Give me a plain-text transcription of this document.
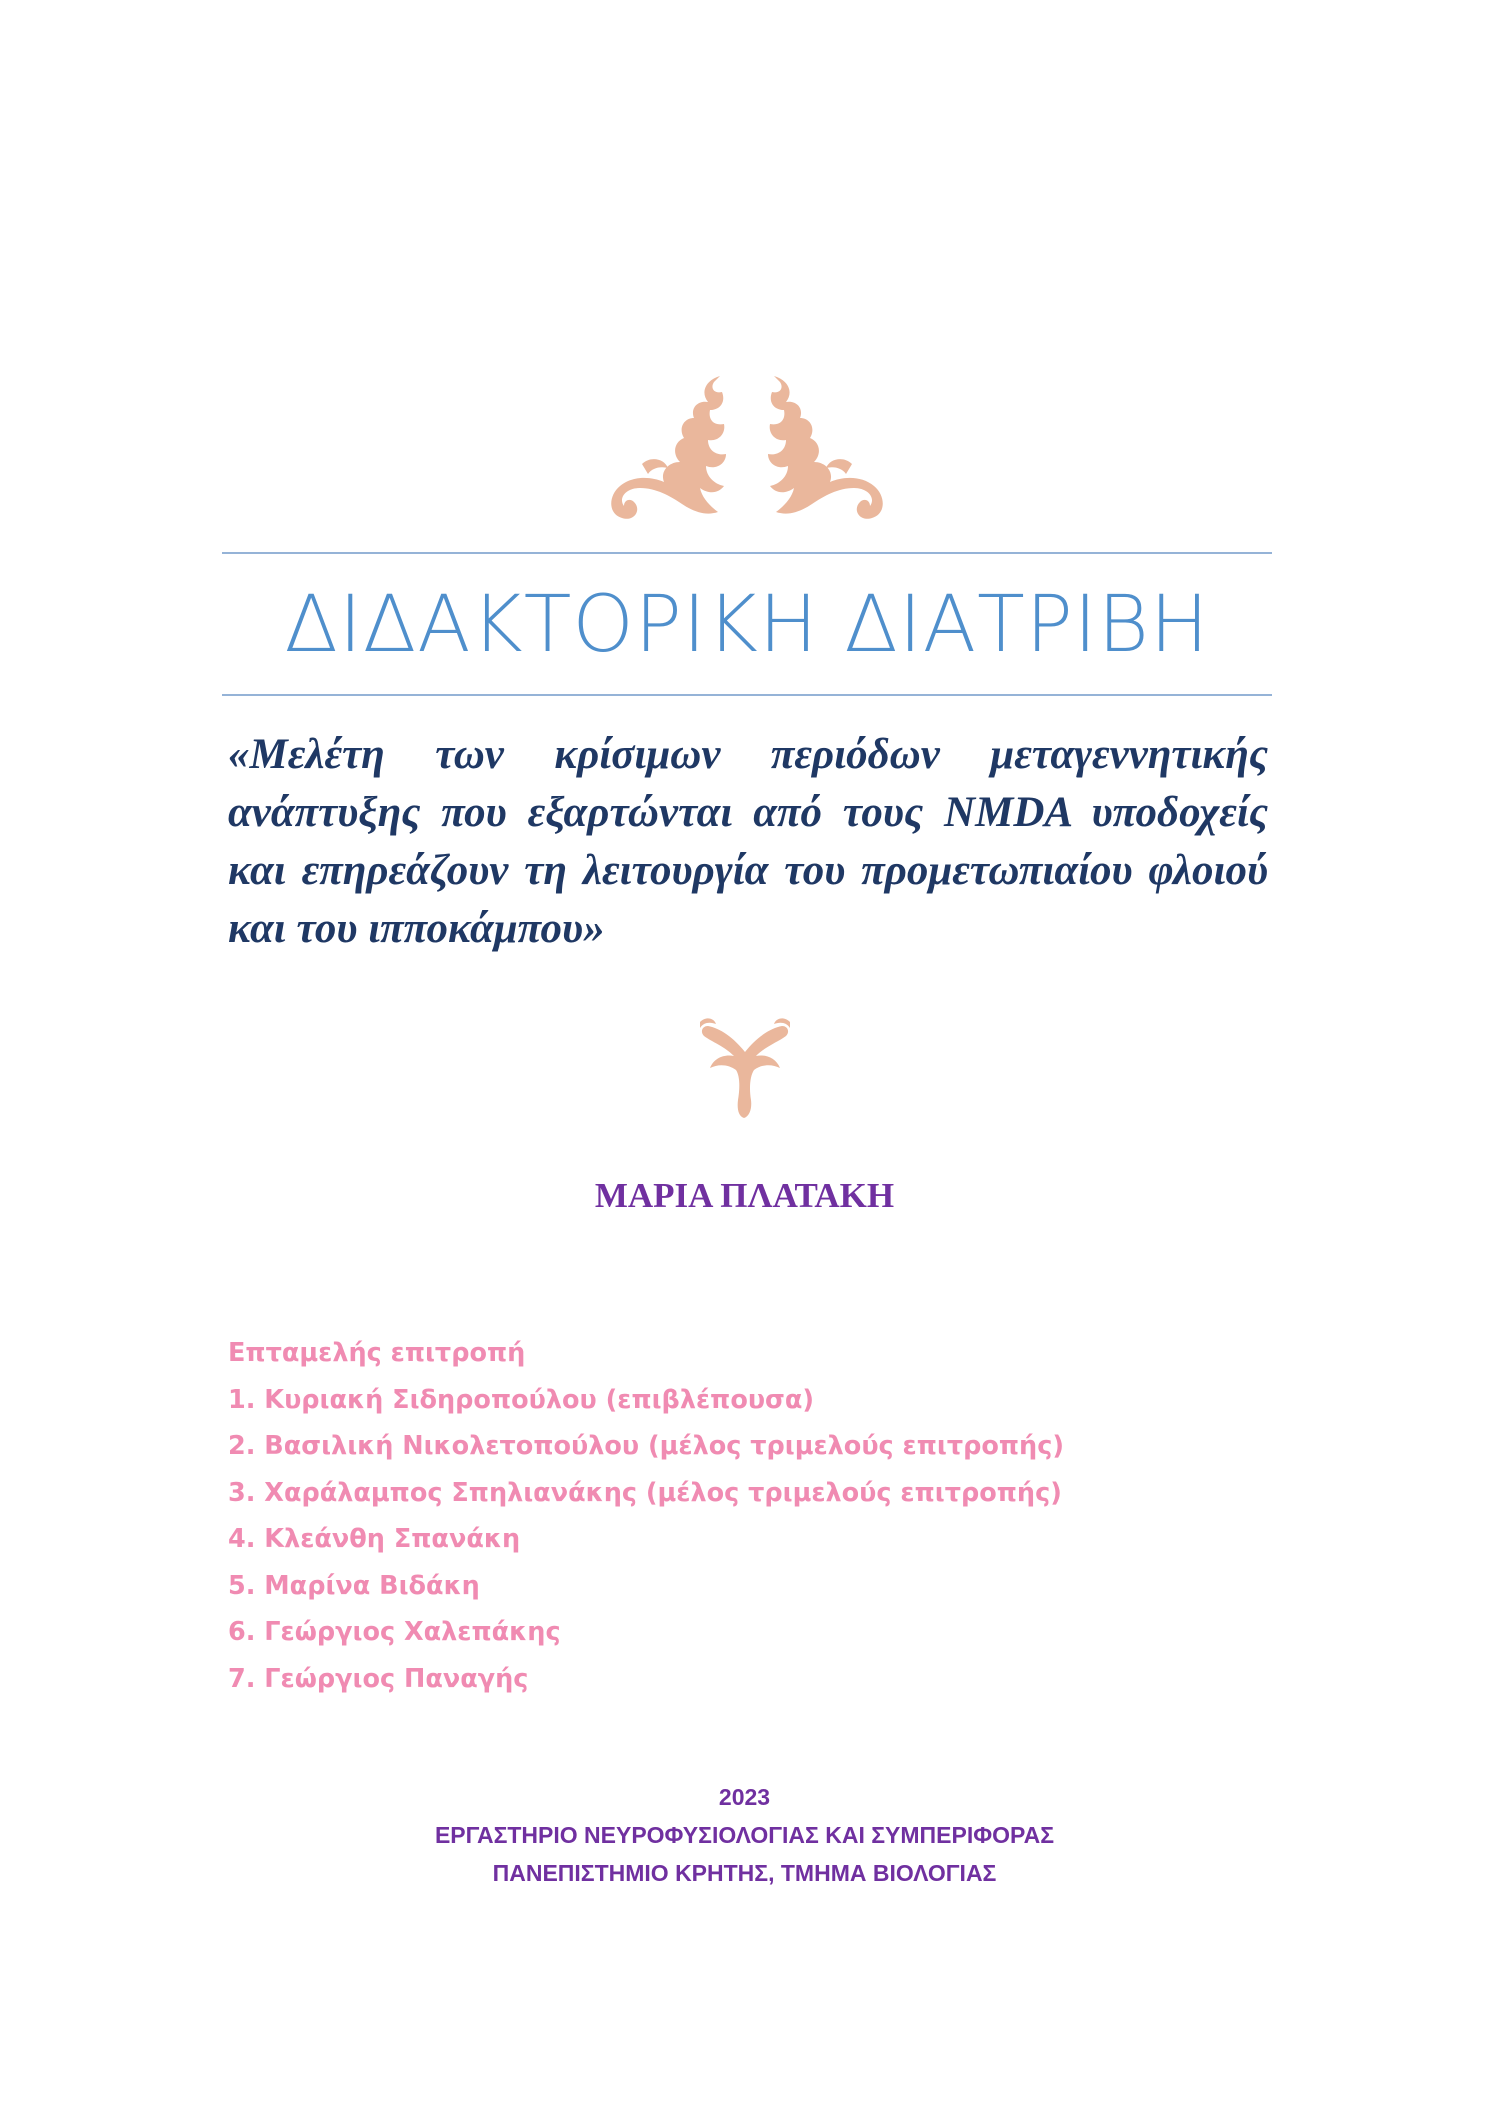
ΔΙΔΑΚΤΟΡΙΚΗ ΔΙΑΤΡΙΒΗ
«Μελέτη των κρίσιμων περιόδων μεταγεννητικής ανάπτυξης που εξαρτώνται από τους NMDA υποδοχείς και επηρεάζουν τη λειτουργία του προμετωπιαίου φλοιού και του ιπποκάμπου»
ΜΑΡΙΑ ΠΛΑΤΑΚΗ
Επταμελής επιτροπή
1. Κυριακή Σιδηροπούλου (επιβλέπουσα)
2. Βασιλική Νικολετοπούλου (μέλος τριμελούς επιτροπής)
3. Χαράλαμπος Σπηλιανάκης (μέλος τριμελούς επιτροπής)
4. Κλεάνθη Σπανάκη
5. Μαρίνα Βιδάκη
6. Γεώργιος Χαλεπάκης
7. Γεώργιος Παναγής
2023
ΕΡΓΑΣΤΗΡΙΟ ΝΕΥΡΟΦΥΣΙΟΛΟΓΙΑΣ ΚΑΙ ΣΥΜΠΕΡΙΦΟΡΑΣ
ΠΑΝΕΠΙΣΤΗΜΙΟ ΚΡΗΤΗΣ, ΤΜΗΜΑ ΒΙΟΛΟΓΙΑΣ
